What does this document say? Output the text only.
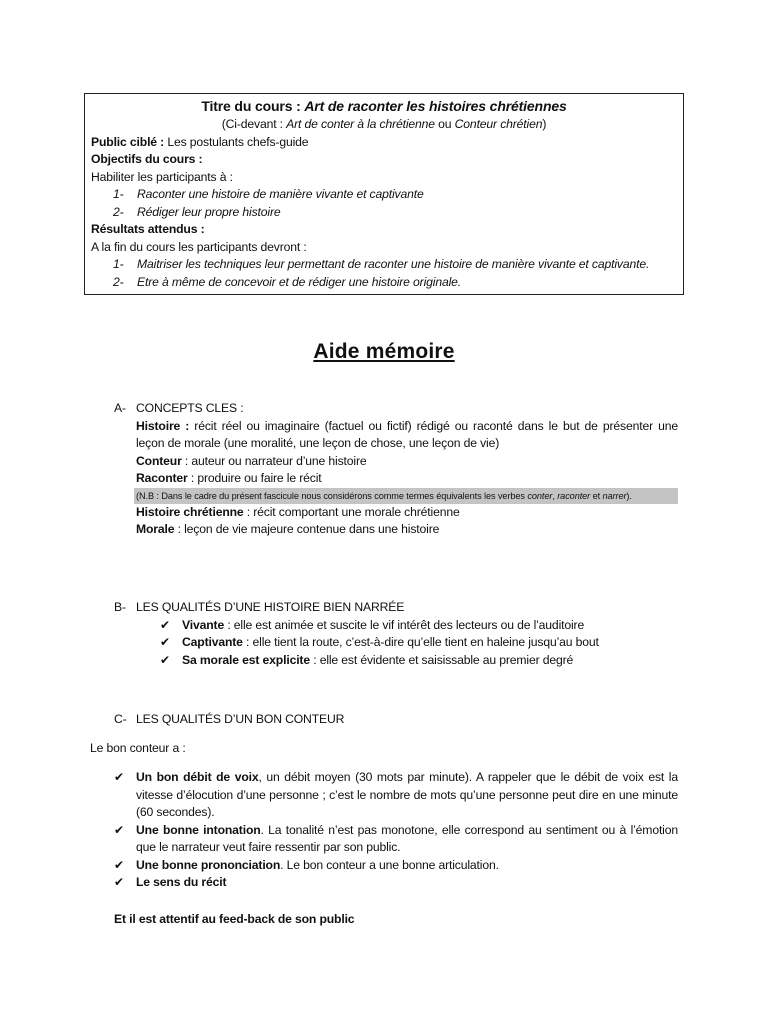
Titre du cours : Art de raconter les histoires chrétiennes
(Ci-devant : Art de conter à la chrétienne ou Conteur chrétien)
Public ciblé : Les postulants chefs-guide
Objectifs du cours :
Habiliter les participants à :
1- Raconter une histoire de manière vivante et captivante
2- Rédiger leur propre histoire
Résultats attendus :
A la fin du cours les participants devront :
1- Maitriser les techniques leur permettant de raconter une histoire de manière vivante et captivante.
2- Etre à même de concevoir et de rédiger une histoire originale.
Aide mémoire
A- CONCEPTS CLES :
Histoire : récit réel ou imaginaire (factuel ou fictif) rédigé ou raconté dans le but de présenter une leçon de morale (une moralité, une leçon de chose, une leçon de vie)
Conteur : auteur ou narrateur d’une histoire
Raconter : produire ou faire le récit
(N.B : Dans le cadre du présent fascicule nous considérons comme termes équivalents les verbes conter, raconter et narrer).
Histoire chrétienne : récit comportant une morale chrétienne
Morale : leçon de vie majeure contenue dans une histoire
B- LES QUALITÉS D’UNE HISTOIRE BIEN NARRÉE
✔ Vivante : elle est animée et suscite le vif intérêt des lecteurs ou de l’auditoire
✔ Captivante : elle tient la route, c’est-à-dire qu’elle tient en haleine jusqu’au bout
✔ Sa morale est explicite : elle est évidente et saisissable au premier degré
C- LES QUALITÉS D’UN BON CONTEUR
Le bon conteur a :
✔ Un bon débit de voix, un débit moyen (30 mots par minute). A rappeler que le débit de voix est la vitesse d’élocution d’une personne ; c’est le nombre de mots qu’une personne peut dire en une minute (60 secondes).
✔ Une bonne intonation. La tonalité n’est pas monotone, elle correspond au sentiment ou à l’émotion que le narrateur veut faire ressentir par son public.
✔ Une bonne prononciation. Le bon conteur a une bonne articulation.
✔ Le sens du récit
Et il est attentif au feed-back de son public
